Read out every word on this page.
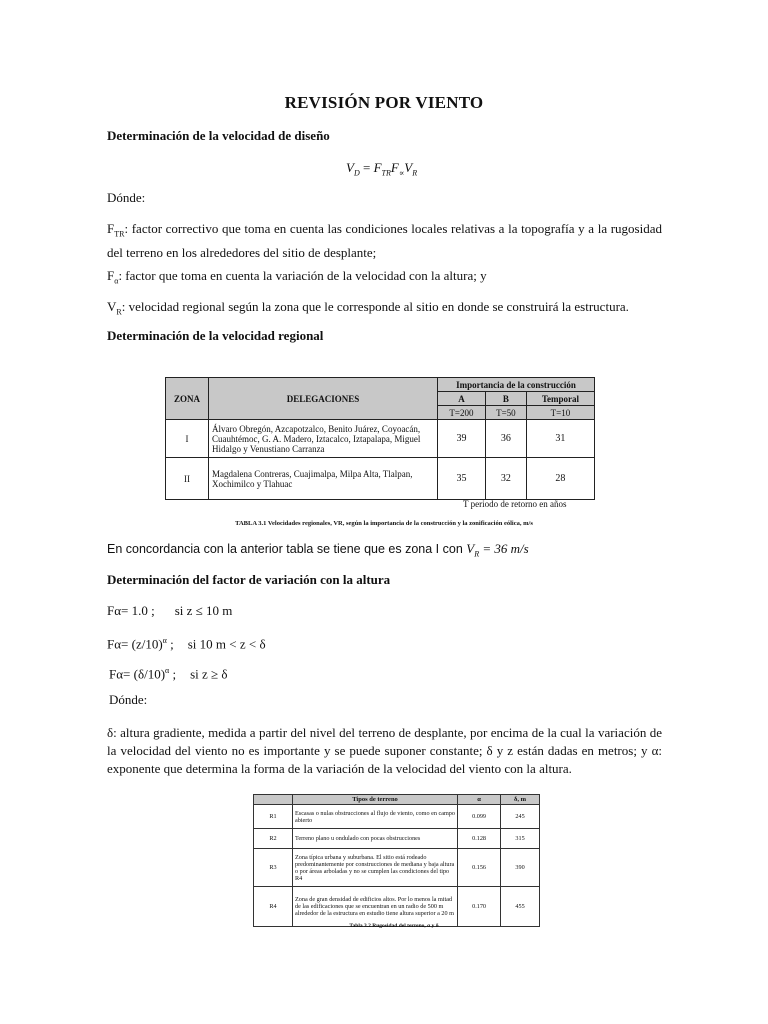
REVISIÓN POR VIENTO
Determinación de la velocidad de diseño
$V_D = F_{TR}F_\propto V_R$
Dónde:
$F_{TR}$: factor correctivo que toma en cuenta las condiciones locales relativas a la topografía y a la rugosidad del terreno en los alrededores del sitio de desplante;
$F_\alpha$: factor que toma en cuenta la variación de la velocidad con la altura; y
$V_R$: velocidad regional según la zona que le corresponde al sitio en donde se construirá la estructura.
Determinación de la velocidad regional
ZONA	DELEGACIONES	Importancia de la construcción		
		A	B	Temporal
		T=200	T=50	T=10
I	Álvaro Obregón, Azcapotzalco, Benito Juárez, Coyoacán, Cuauhtémoc, G. A. Madero, Iztacalco, Iztapalapa, Miguel Hidalgo y Venustiano Carranza	39	36	31
II	Magdalena Contreras, Cuajimalpa, Milpa Alta, Tlalpan, Xochimilco y Tlahuac	35	32	28
T periodo de retorno en años
TABLA 3.1 Velocidades regionales, VR, según la importancia de la construcción y la zonificación eólica, m/s
En concordancia con la anterior tabla se tiene que es zona I con $V_R = 36$ m/s
Determinación del factor de variación con la altura
Fα= 1.0 ; si z ≤ 10 m
$F\alpha= (z/10)^\alpha$ ; si 10 m < z < δ
$F\alpha= (\delta/10)^\alpha$ ; si z ≥ δ
Dónde:
δ: altura gradiente, medida a partir del nivel del terreno de desplante, por encima de la cual la variación de la velocidad del viento no es importante y se puede suponer constante; δ y z están dadas en metros; y α: exponente que determina la forma de la variación de la velocidad del viento con la altura.
	Tipos de terreno	α	δ, m
R1	Escasas o nulas obstrucciones al flujo de viento, como en campo abierto	0.099	245
R2	Terreno plano u ondulado con pocas obstrucciones	0.128	315
R3	Zona típica urbana y suburbana. El sitio está rodeado predominantemente por construcciones de mediana y baja altura o por áreas arboladas y no se cumplen las condiciones del tipo R4	0.156	390
R4	Zona de gran densidad de edificios altos. Por lo menos la mitad de las edificaciones que se encuentran en un radio de 500 m alrededor de la estructura en estudio tiene altura superior a 20 m	0.170	455
Tabla 3.2 Rugosidad del terreno, α y δ
